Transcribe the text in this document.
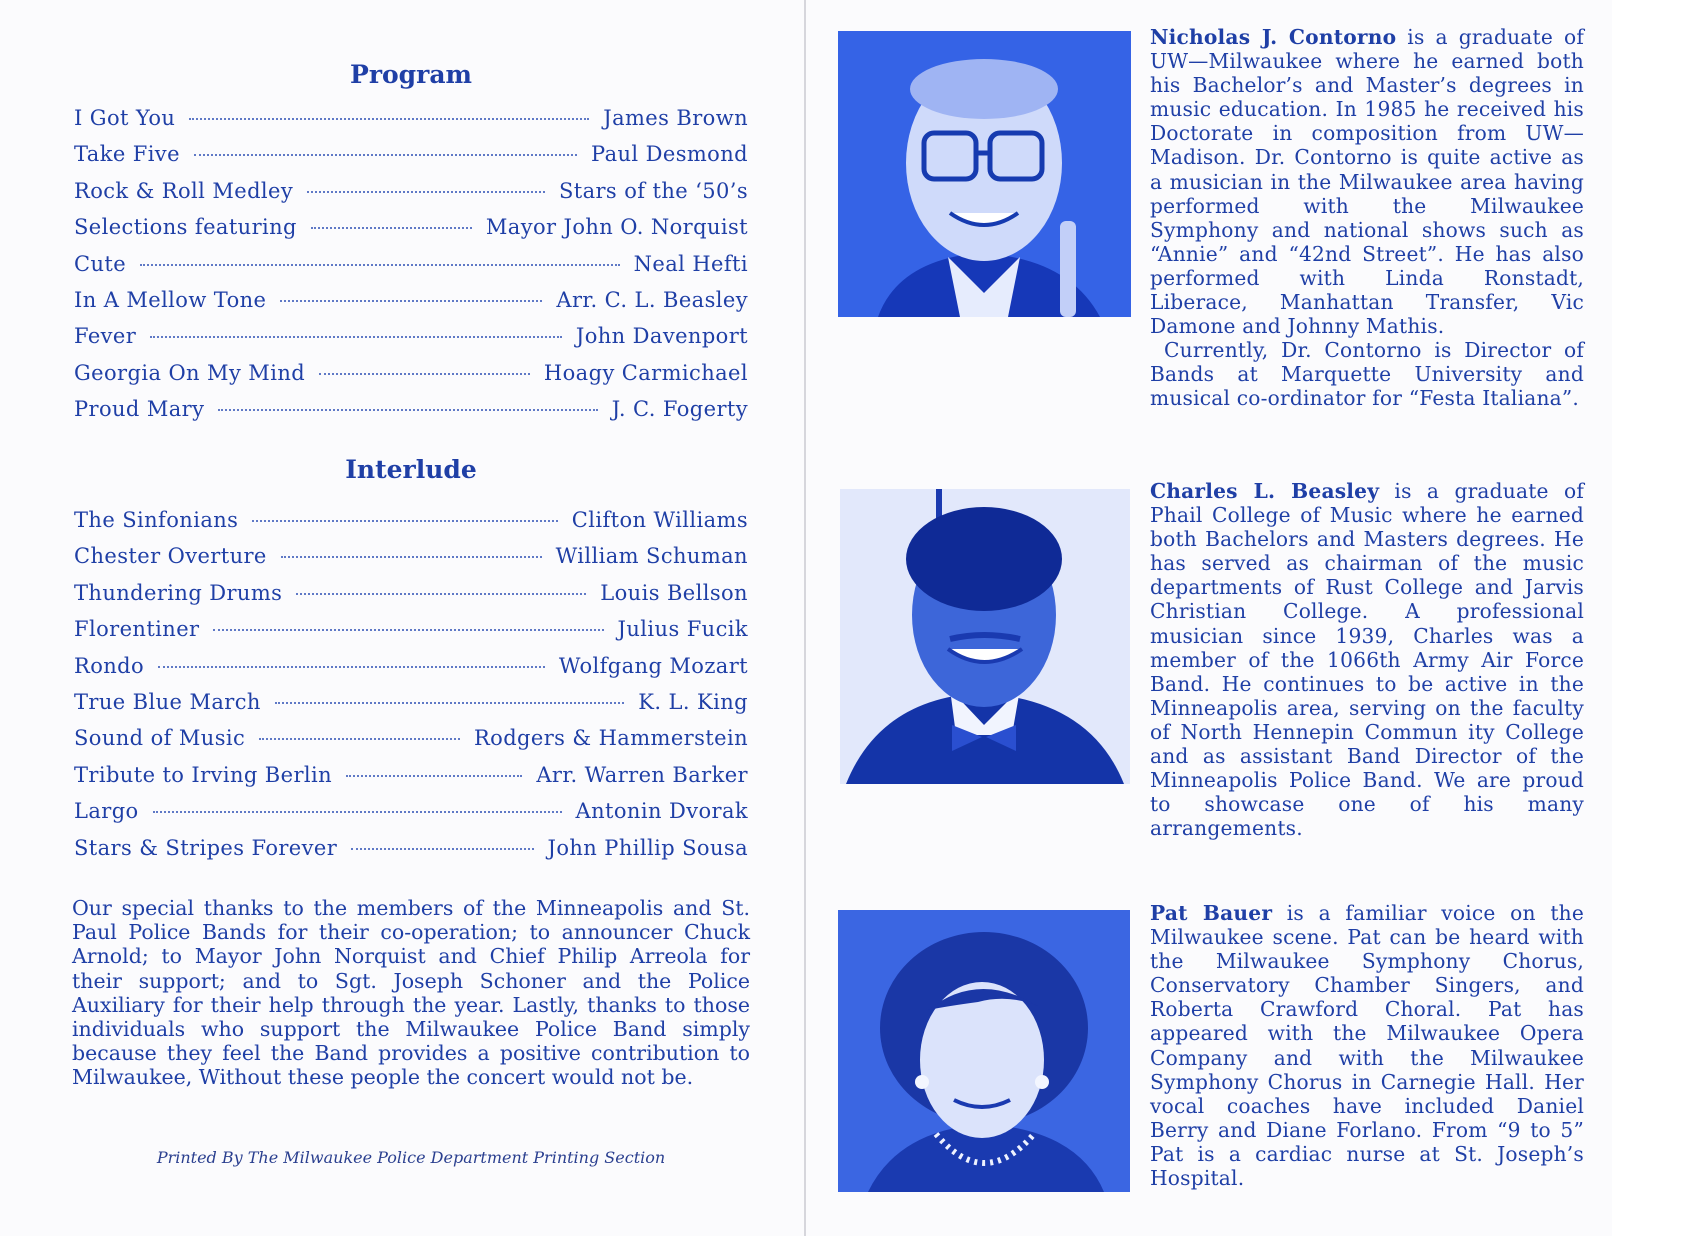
Program
I Got You	James Brown
Take Five	Paul Desmond
Rock & Roll Medley	Stars of the ‘50’s
Selections featuring	Mayor John O. Norquist
Cute	Neal Hefti
In A Mellow Tone	Arr. C. L. Beasley
Fever	John Davenport
Georgia On My Mind	Hoagy Carmichael
Proud Mary	J. C. Fogerty
Interlude
The Sinfonians	Clifton Williams
Chester Overture	William Schuman
Thundering Drums	Louis Bellson
Florentiner	Julius Fucik
Rondo	Wolfgang Mozart
True Blue March	K. L. King
Sound of Music	Rodgers & Hammerstein
Tribute to Irving Berlin	Arr. Warren Barker
Largo	Antonin Dvorak
Stars & Stripes Forever	John Phillip Sousa

Our special thanks to the members of the Minneapolis and St. Paul Police Bands for their co-operation; to announcer Chuck Arnold; to Mayor John Norquist and Chief Philip Arreola for their support; and to Sgt. Joseph Schoner and the Police Auxiliary for their help through the year. Lastly, thanks to those individuals who support the Milwaukee Police Band simply because they feel the Band provides a positive contribution to Milwaukee, Without these people the concert would not be.

Printed By The Milwaukee Police Department Printing Section

Nicholas J. Contorno is a graduate of UW—Milwaukee where he earned both his Bachelor’s and Master’s degrees in music education. In 1985 he received his Doctorate in composition from UW—Madison. Dr. Contorno is quite active as a musician in the Milwaukee area having performed with the Milwaukee Symphony and national shows such as “Annie” and “42nd Street”. He has also performed with Linda Ronstadt, Liberace, Manhattan Transfer, Vic Damone and Johnny Mathis.
Currently, Dr. Contorno is Director of Bands at Marquette University and musical co-ordinator for “Festa Italiana”.

Charles L. Beasley is a graduate of Phail College of Music where he earned both Bachelors and Masters degrees. He has served as chairman of the music departments of Rust College and Jarvis Christian College. A professional musician since 1939, Charles was a member of the 1066th Army Air Force Band. He continues to be active in the Minneapolis area, serving on the faculty of North Hennepin Commun ity College and as assistant Band Director of the Minneapolis Police Band. We are proud to showcase one of his many arrangements.

Pat Bauer is a familiar voice on the Milwaukee scene. Pat can be heard with the Milwaukee Symphony Chorus, Conservatory Chamber Singers, and Roberta Crawford Choral. Pat has appeared with the Milwaukee Opera Company and with the Milwaukee Symphony Chorus in Carnegie Hall. Her vocal coaches have included Daniel Berry and Diane Forlano. From “9 to 5” Pat is a cardiac nurse at St. Joseph’s Hospital.
